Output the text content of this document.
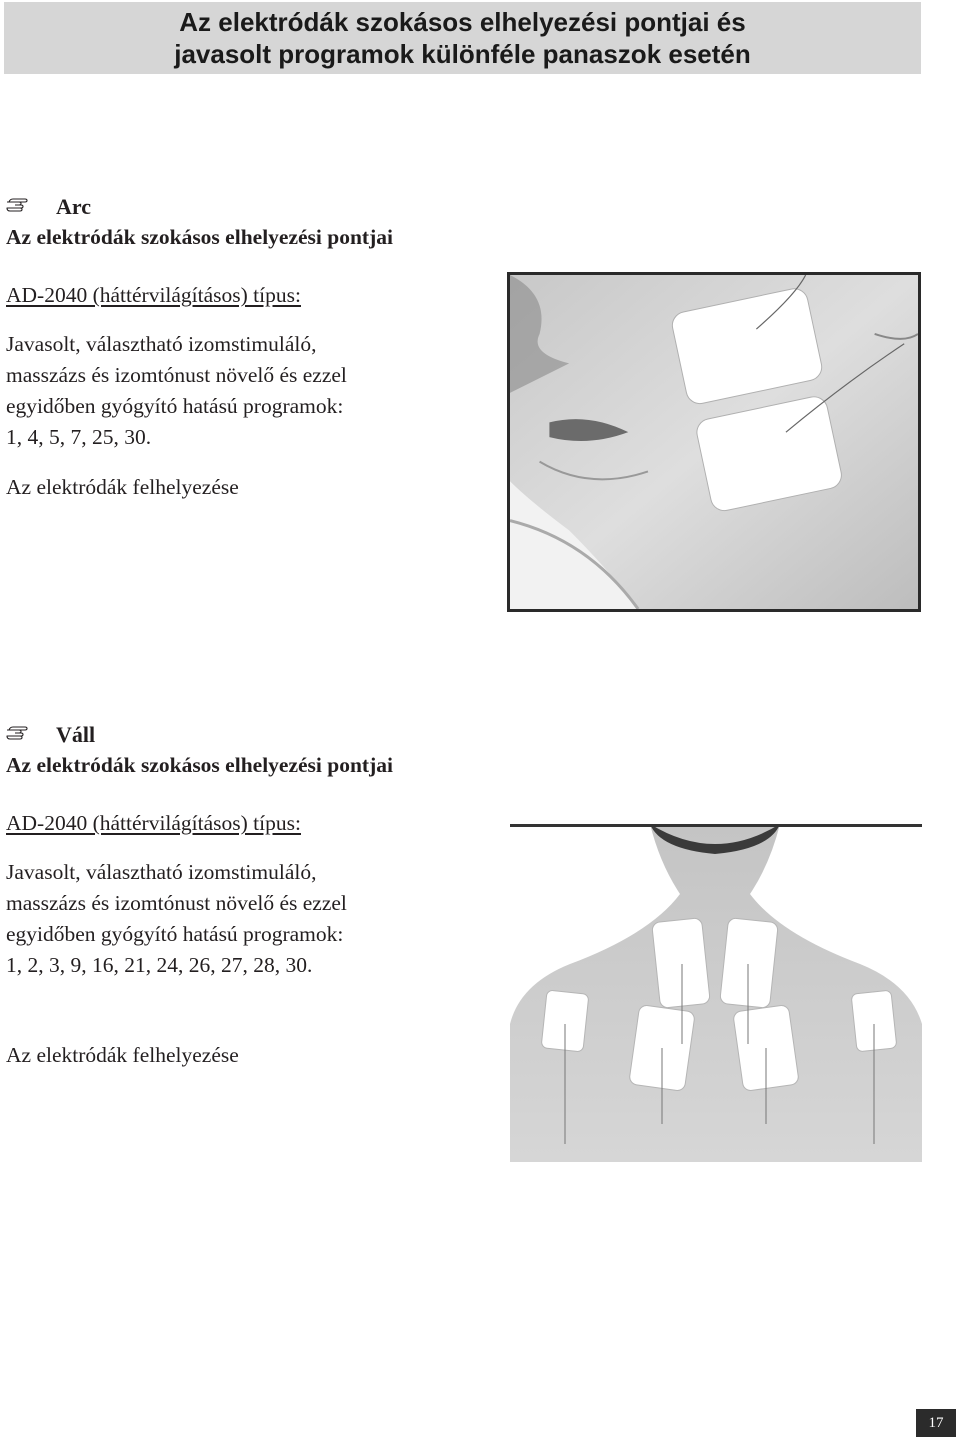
Az elektródák szokásos elhelyezési pontjai és
javasolt programok különféle panaszok esetén
Arc

Az elektródák szokásos elhelyezési pontjai

AD-2040 (háttérvilágításos) típus:

Javasolt, választható izomstimuláló,
masszázs és izomtónust növelő és ezzel
egyidőben gyógyító hatású programok:
1, 4, 5, 7, 25, 30.

Az elektródák felhelyezése

Váll

Az elektródák szokásos elhelyezési pontjai

AD-2040 (háttérvilágításos) típus:

Javasolt, választható izomstimuláló,
masszázs és izomtónust növelő és ezzel
egyidőben gyógyító hatású programok:
1, 2, 3, 9, 16, 21, 24, 26, 27, 28, 30.

Az elektródák felhelyezése

17
